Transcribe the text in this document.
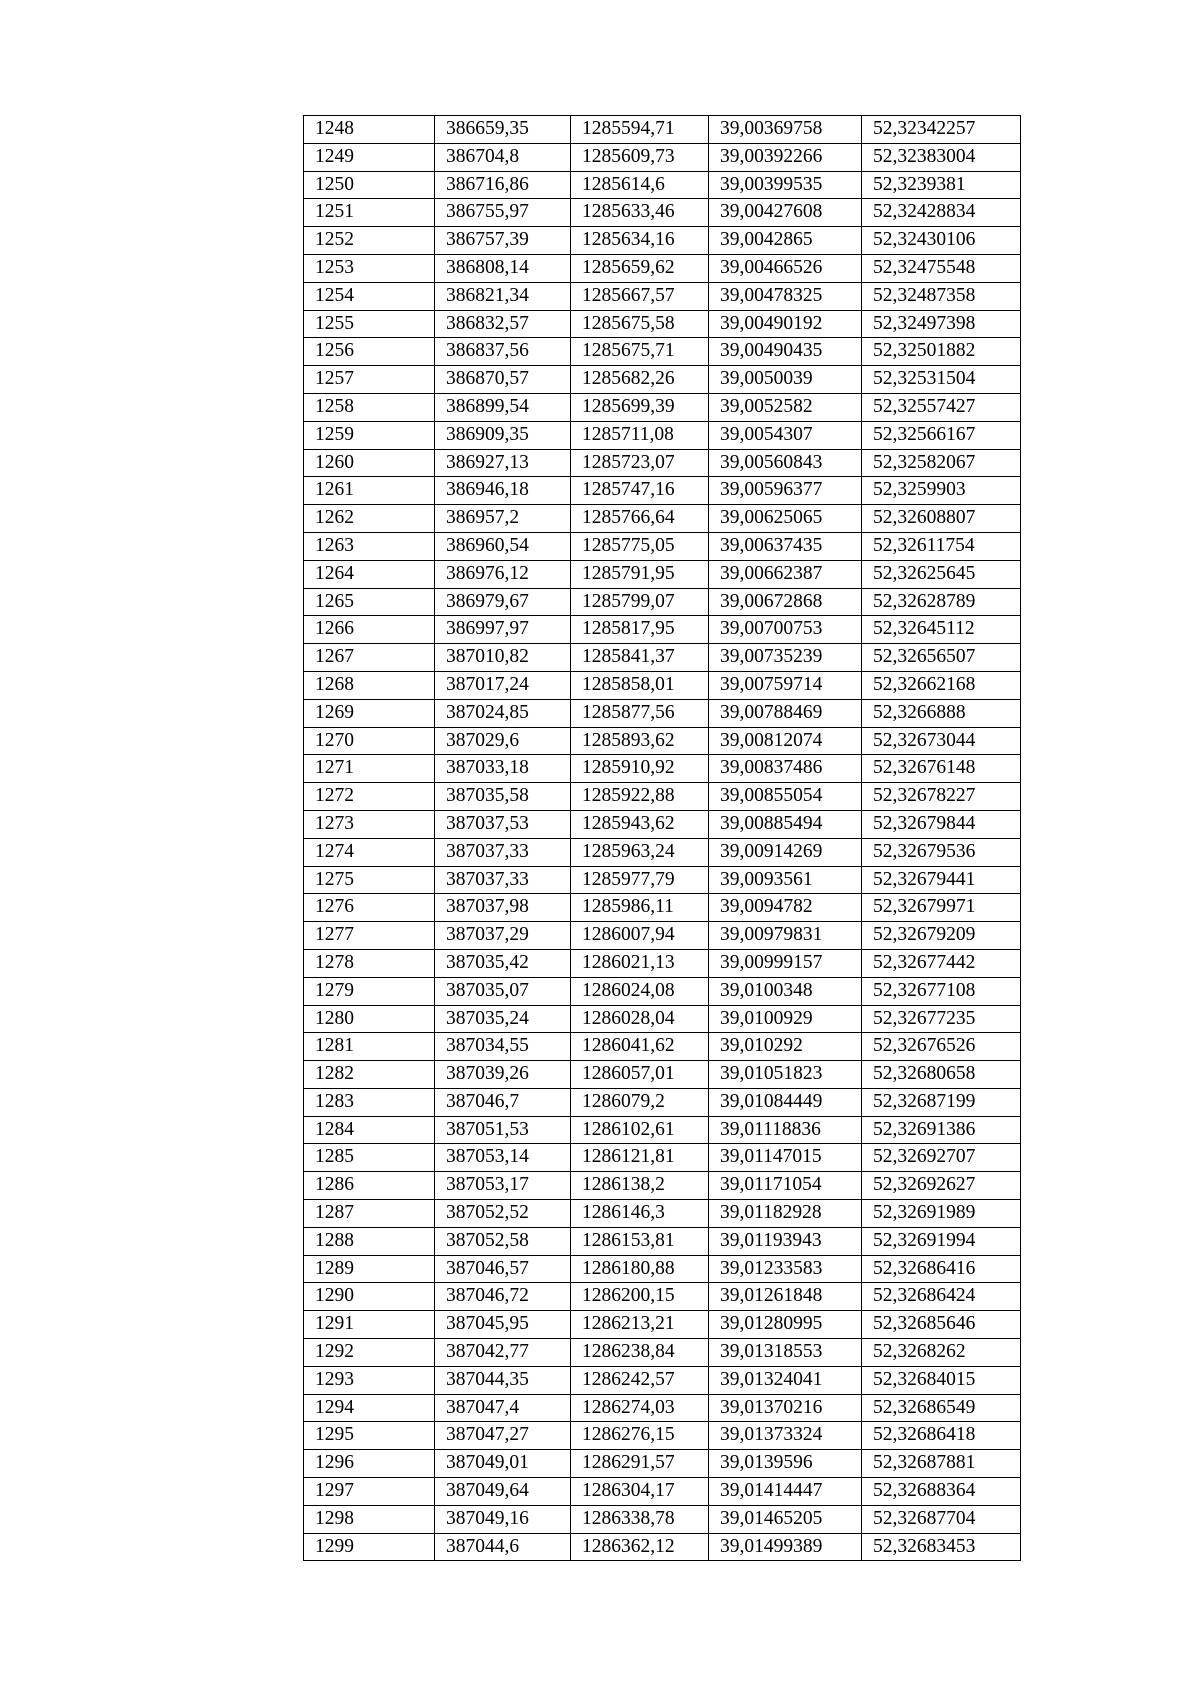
1248	386659,35	1285594,71	39,00369758	52,32342257
1249	386704,8	1285609,73	39,00392266	52,32383004
1250	386716,86	1285614,6	39,00399535	52,3239381
1251	386755,97	1285633,46	39,00427608	52,32428834
1252	386757,39	1285634,16	39,0042865	52,32430106
1253	386808,14	1285659,62	39,00466526	52,32475548
1254	386821,34	1285667,57	39,00478325	52,32487358
1255	386832,57	1285675,58	39,00490192	52,32497398
1256	386837,56	1285675,71	39,00490435	52,32501882
1257	386870,57	1285682,26	39,0050039	52,32531504
1258	386899,54	1285699,39	39,0052582	52,32557427
1259	386909,35	1285711,08	39,0054307	52,32566167
1260	386927,13	1285723,07	39,00560843	52,32582067
1261	386946,18	1285747,16	39,00596377	52,3259903
1262	386957,2	1285766,64	39,00625065	52,32608807
1263	386960,54	1285775,05	39,00637435	52,32611754
1264	386976,12	1285791,95	39,00662387	52,32625645
1265	386979,67	1285799,07	39,00672868	52,32628789
1266	386997,97	1285817,95	39,00700753	52,32645112
1267	387010,82	1285841,37	39,00735239	52,32656507
1268	387017,24	1285858,01	39,00759714	52,32662168
1269	387024,85	1285877,56	39,00788469	52,3266888
1270	387029,6	1285893,62	39,00812074	52,32673044
1271	387033,18	1285910,92	39,00837486	52,32676148
1272	387035,58	1285922,88	39,00855054	52,32678227
1273	387037,53	1285943,62	39,00885494	52,32679844
1274	387037,33	1285963,24	39,00914269	52,32679536
1275	387037,33	1285977,79	39,0093561	52,32679441
1276	387037,98	1285986,11	39,0094782	52,32679971
1277	387037,29	1286007,94	39,00979831	52,32679209
1278	387035,42	1286021,13	39,00999157	52,32677442
1279	387035,07	1286024,08	39,0100348	52,32677108
1280	387035,24	1286028,04	39,0100929	52,32677235
1281	387034,55	1286041,62	39,010292	52,32676526
1282	387039,26	1286057,01	39,01051823	52,32680658
1283	387046,7	1286079,2	39,01084449	52,32687199
1284	387051,53	1286102,61	39,01118836	52,32691386
1285	387053,14	1286121,81	39,01147015	52,32692707
1286	387053,17	1286138,2	39,01171054	52,32692627
1287	387052,52	1286146,3	39,01182928	52,32691989
1288	387052,58	1286153,81	39,01193943	52,32691994
1289	387046,57	1286180,88	39,01233583	52,32686416
1290	387046,72	1286200,15	39,01261848	52,32686424
1291	387045,95	1286213,21	39,01280995	52,32685646
1292	387042,77	1286238,84	39,01318553	52,3268262
1293	387044,35	1286242,57	39,01324041	52,32684015
1294	387047,4	1286274,03	39,01370216	52,32686549
1295	387047,27	1286276,15	39,01373324	52,32686418
1296	387049,01	1286291,57	39,0139596	52,32687881
1297	387049,64	1286304,17	39,01414447	52,32688364
1298	387049,16	1286338,78	39,01465205	52,32687704
1299	387044,6	1286362,12	39,01499389	52,32683453
